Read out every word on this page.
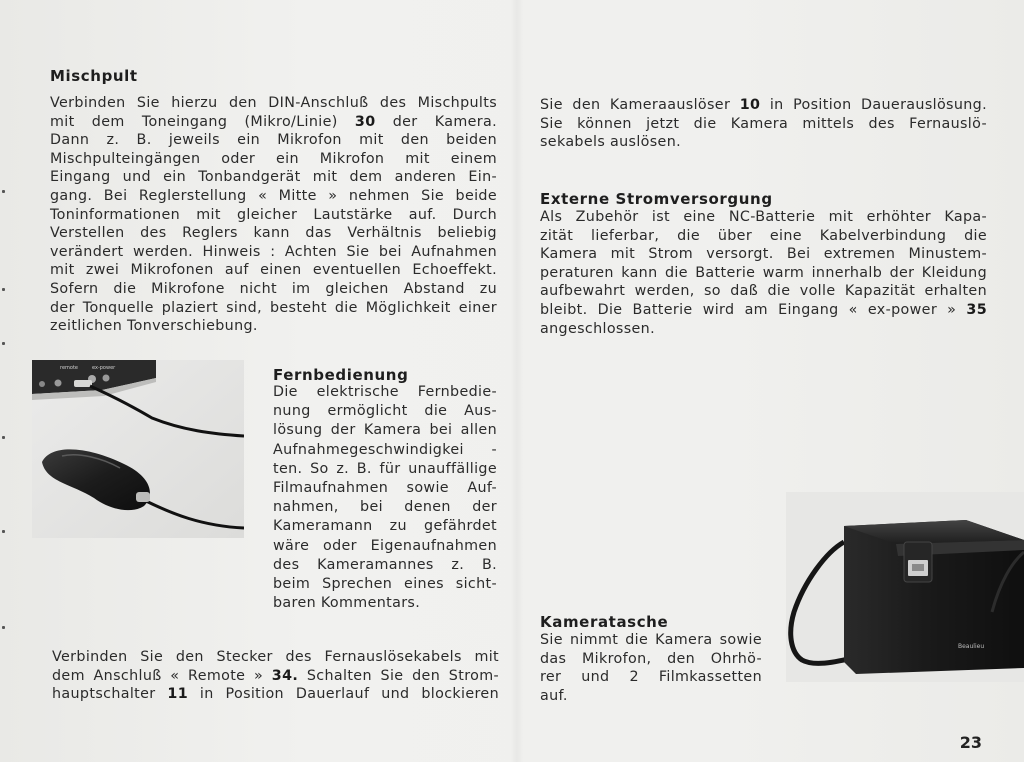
Mischpult
Verbinden Sie hierzu den DIN-Anschluß des Mischpults
mit dem Toneingang (Mikro/Linie) 30 der Kamera.
Dann z. B. jeweils ein Mikrofon mit den beiden
Mischpulteingängen oder ein Mikrofon mit einem
Eingang und ein Tonbandgerät mit dem anderen Ein-
gang. Bei Reglerstellung « Mitte » nehmen Sie beide
Toninformationen mit gleicher Lautstärke auf. Durch
Verstellen des Reglers kann das Verhältnis beliebig
verändert werden. Hinweis : Achten Sie bei Aufnahmen
mit zwei Mikrofonen auf einen eventuellen Echoeffekt.
Sofern die Mikrofone nicht im gleichen Abstand zu
der Tonquelle plaziert sind, besteht die Möglichkeit einer
zeitlichen Tonverschiebung.
remote	ex-power	Fernbedienung
Die elektrische Fernbedie-
nung ermöglicht die Aus-
lösung der Kamera bei allen
Aufnahmegeschwindigkei -
ten. So z. B. für unauffällige
Filmaufnahmen sowie Auf-
nahmen, bei denen der
Kameramann zu gefährdet
wäre oder Eigenaufnahmen
des Kameramannes z. B.
beim Sprechen eines sicht-
baren Kommentars.
Verbinden Sie den Stecker des Fernauslösekabels mit
dem Anschluß « Remote » 34. Schalten Sie den Strom-
hauptschalter 11 in Position Dauerlauf und blockieren
Sie den Kameraauslöser 10 in Position Dauerauslösung.
Sie können jetzt die Kamera mittels des Fernauslö-
sekabels auslösen.
Externe Stromversorgung
Als Zubehör ist eine NC-Batterie mit erhöhter Kapa-
zität lieferbar, die über eine Kabelverbindung die
Kamera mit Strom versorgt. Bei extremen Minustem-
peraturen kann die Batterie warm innerhalb der Kleidung
aufbewahrt werden, so daß die volle Kapazität erhalten
bleibt. Die Batterie wird am Eingang « ex-power » 35
angeschlossen.
Beaulieu
Kameratasche
Sie nimmt die Kamera sowie
das Mikrofon, den Ohrhö-
rer und 2 Filmkassetten
auf.
23
